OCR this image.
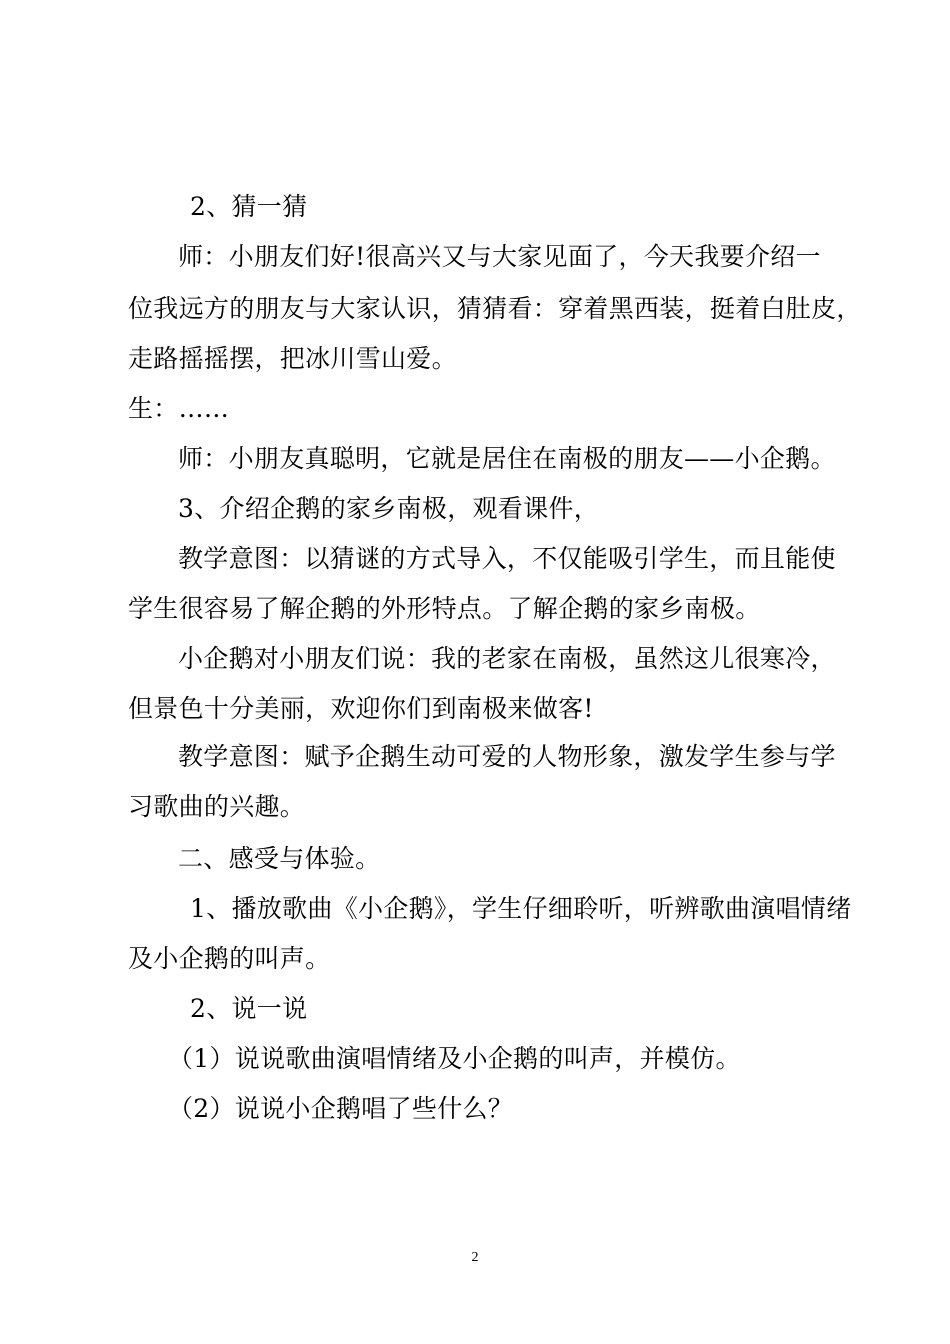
2、猜一猜
师：小朋友们好!很高兴又与大家见面了，今天我要介绍一
位我远方的朋友与大家认识，猜猜看：穿着黑西装，挺着白肚皮，
走路摇摇摆，把冰川雪山爱。
生：……
师：小朋友真聪明，它就是居住在南极的朋友——小企鹅。
3、介绍企鹅的家乡南极，观看课件，
教学意图：以猜谜的方式导入，不仅能吸引学生，而且能使
学生很容易了解企鹅的外形特点。了解企鹅的家乡南极。
小企鹅对小朋友们说：我的老家在南极，虽然这儿很寒冷，
但景色十分美丽，欢迎你们到南极来做客!
教学意图：赋予企鹅生动可爱的人物形象，激发学生参与学
习歌曲的兴趣。
二、感受与体验。
1、播放歌曲《小企鹅》，学生仔细聆听，听辨歌曲演唱情绪
及小企鹅的叫声。
2、说一说
（1）说说歌曲演唱情绪及小企鹅的叫声，并模仿。
（2）说说小企鹅唱了些什么？
2
